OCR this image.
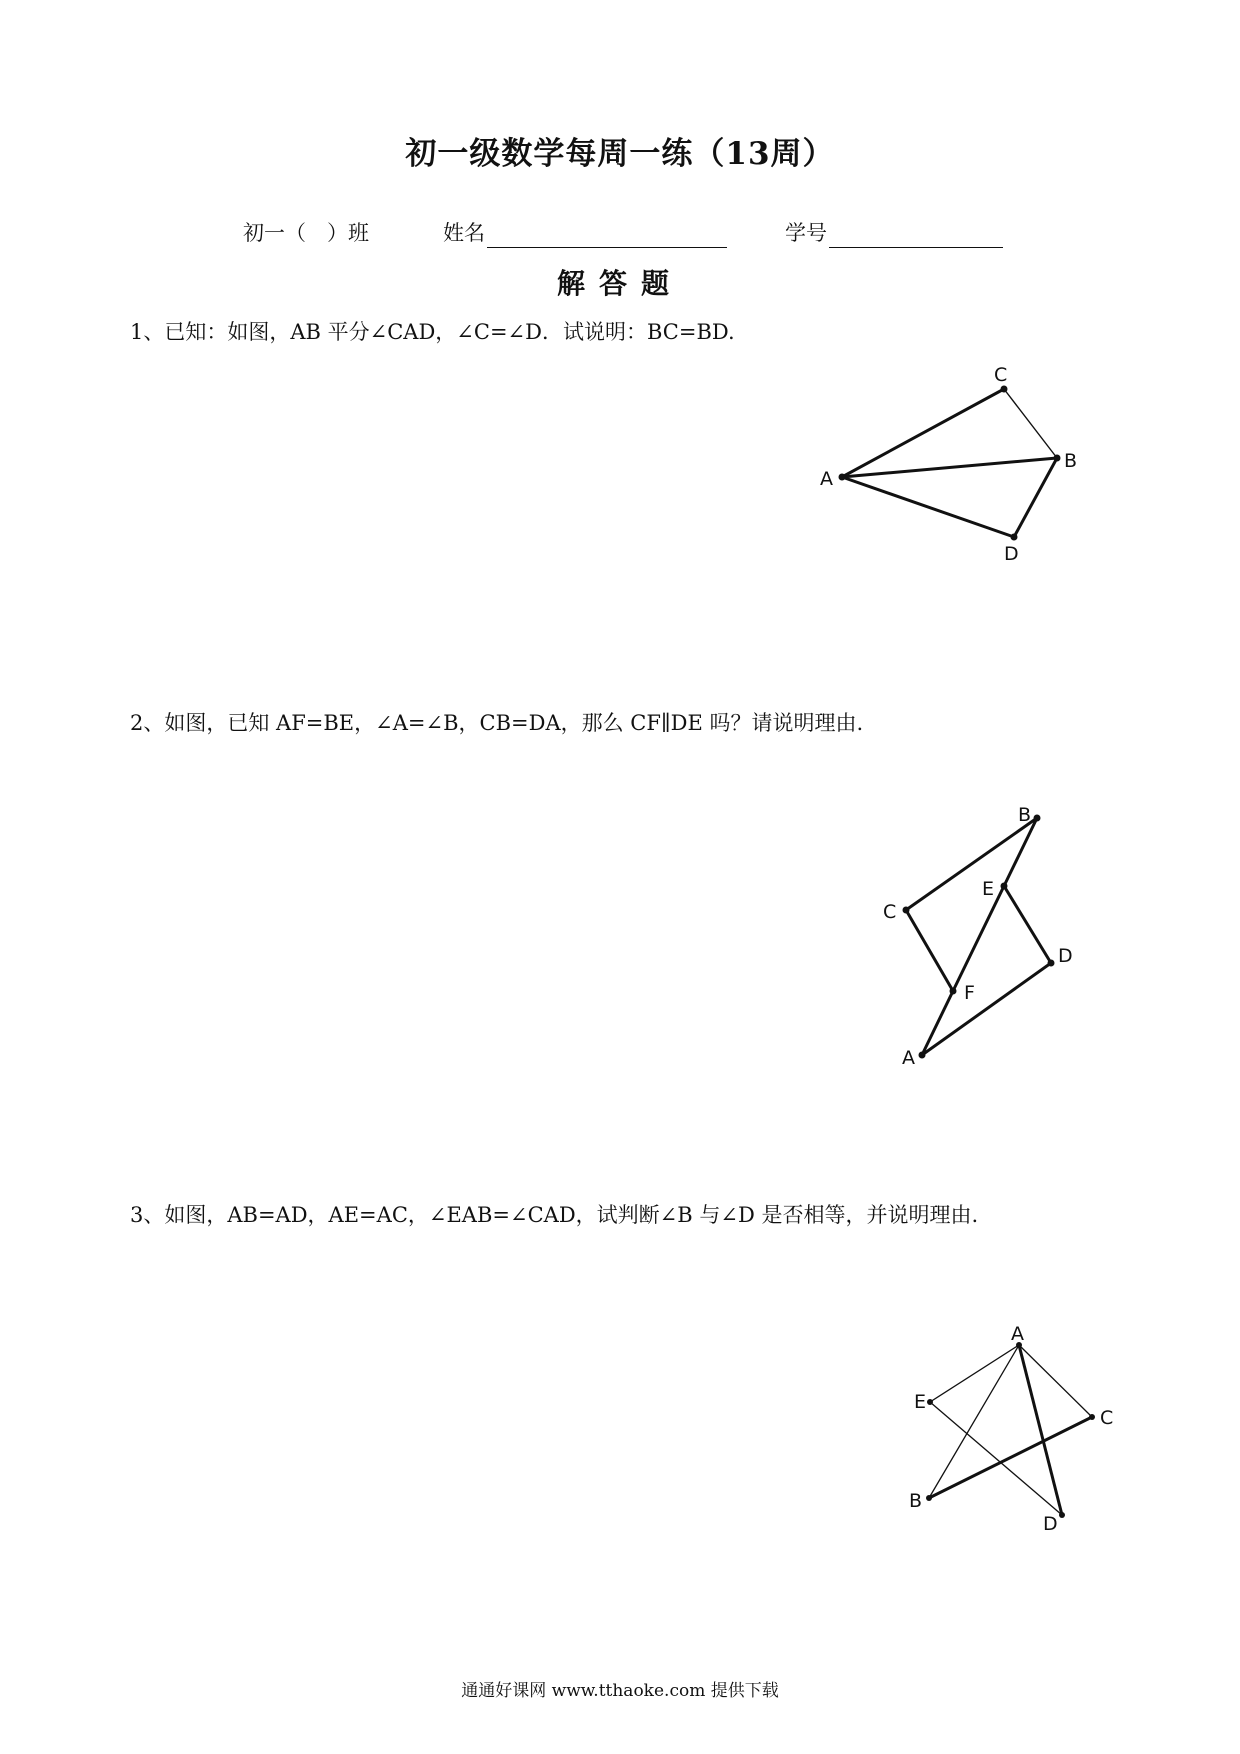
初一级数学每周一练（13周）
初一（　）班	姓名	学号
解答题
1、已知：如图，AB 平分∠CAD，∠C=∠D．试说明：BC=BD.
C
B
A
D
2、如图，已知 AF=BE，∠A=∠B，CB=DA，那么 CF∥DE 吗？请说明理由.
B
E
C
D
F
A
3、如图，AB=AD，AE=AC，∠EAB=∠CAD，试判断∠B 与∠D 是否相等，并说明理由.
A
E
C
B
D
通通好课网 www.tthaoke.com 提供下载
